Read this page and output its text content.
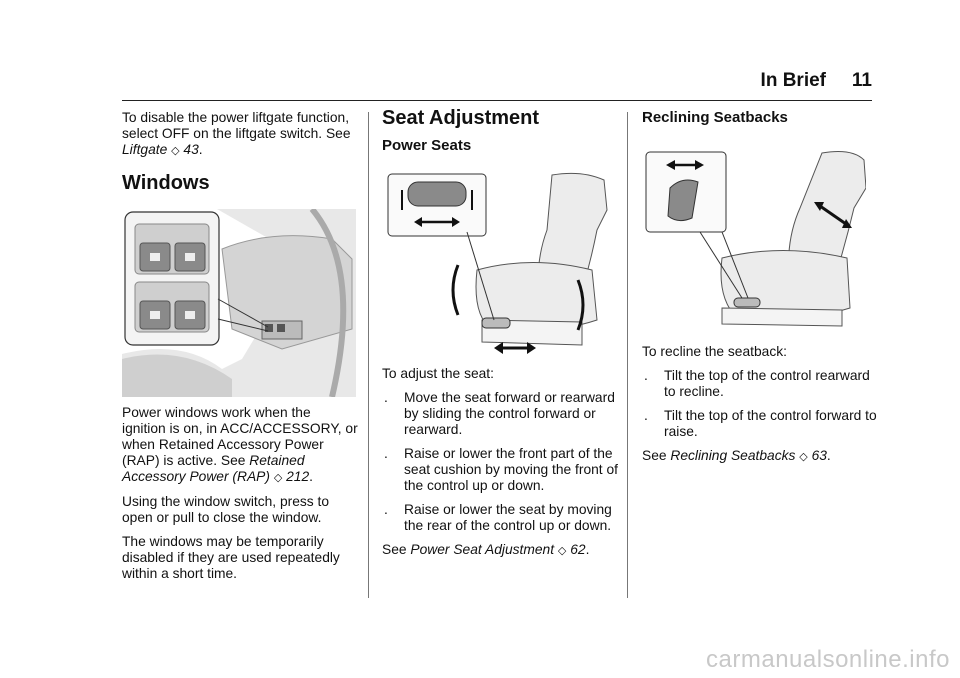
In Brief 11

To disable the power liftgate function, select OFF on the liftgate switch. See Liftgate ◇ 43.

Windows

Power windows work when the ignition is on, in ACC/ACCESSORY, or when Retained Accessory Power (RAP) is active. See Retained Accessory Power (RAP) ◇ 212.

Using the window switch, press to open or pull to close the window.

The windows may be temporarily disabled if they are used repeatedly within a short time.

Seat Adjustment
Power Seats

To adjust the seat:

. Move the seat forward or rearward by sliding the control forward or rearward.
. Raise or lower the front part of the seat cushion by moving the front of the control up or down.
. Raise or lower the seat by moving the rear of the control up or down.

See Power Seat Adjustment ◇ 62.

Reclining Seatbacks

To recline the seatback:

. Tilt the top of the control rearward to recline.
. Tilt the top of the control forward to raise.

See Reclining Seatbacks ◇ 63.

carmanualsonline.info
